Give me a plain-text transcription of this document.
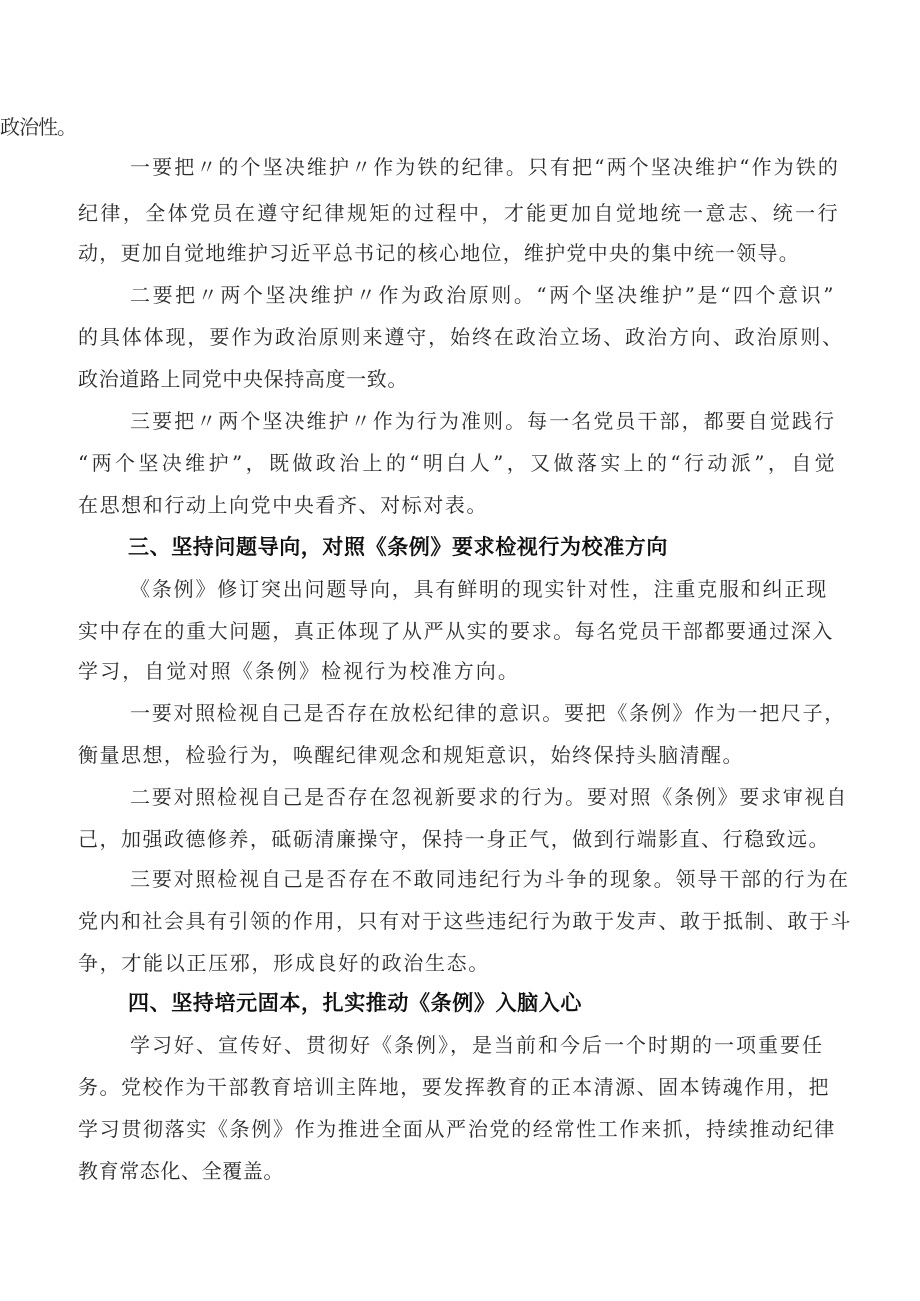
政治性。
一要把〃的个坚决维护〃作为铁的纪律。只有把“两个坚决维护“作为铁的
纪律，全体党员在遵守纪律规矩的过程中，才能更加自觉地统一意志、统一行
动，更加自觉地维护习近平总书记的核心地位，维护党中央的集中统一领导。
二要把〃两个坚决维护〃作为政治原则。“两个坚决维护”是“四个意识”
的具体体现，要作为政治原则来遵守，始终在政治立场、政治方向、政治原则、
政治道路上同党中央保持高度一致。
三要把〃两个坚决维护〃作为行为准则。每一名党员干部，都要自觉践行
“两个坚决维护”，既做政治上的“明白人”，又做落实上的“行动派”，自觉
在思想和行动上向党中央看齐、对标对表。
三、坚持问题导向，对照《条例》要求检视行为校准方向
《条例》修订突出问题导向，具有鲜明的现实针对性，注重克服和纠正现
实中存在的重大问题，真正体现了从严从实的要求。每名党员干部都要通过深入
学习，自觉对照《条例》检视行为校准方向。
一要对照检视自己是否存在放松纪律的意识。要把《条例》作为一把尺子，
衡量思想，检验行为，唤醒纪律观念和规矩意识，始终保持头脑清醒。
二要对照检视自己是否存在忽视新要求的行为。要对照《条例》要求审视自
己，加强政德修养，砥砺清廉操守，保持一身正气，做到行端影直、行稳致远。
三要对照检视自己是否存在不敢同违纪行为斗争的现象。领导干部的行为在
党内和社会具有引领的作用，只有对于这些违纪行为敢于发声、敢于抵制、敢于斗
争，才能以正压邪，形成良好的政治生态。
四、坚持培元固本，扎实推动《条例》入脑入心
学习好、宣传好、贯彻好《条例》，是当前和今后一个时期的一项重要任
务。党校作为干部教育培训主阵地，要发挥教育的正本清源、固本铸魂作用，把
学习贯彻落实《条例》作为推进全面从严治党的经常性工作来抓，持续推动纪律
教育常态化、全覆盖。
